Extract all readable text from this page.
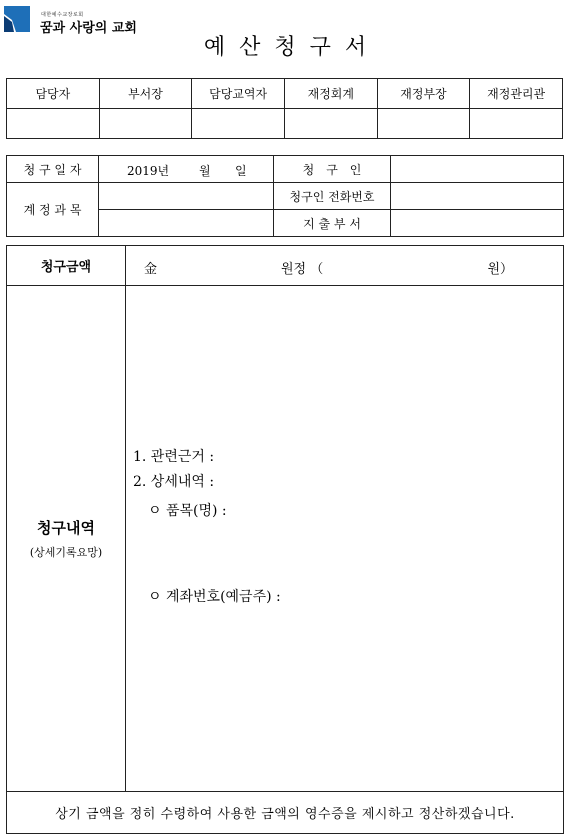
대한예수교장로회
꿈과 사랑의 교회
예산청구서
담당자	부서장	담당교역자	재정회계	재정부장	재정관리관

청 구 일 자	2019년 월 일	청　구　인	
계 정 과 목		청구인 전화번호	
		지 출 부 서	
청구금액	金 원정 （ 원）

청구내역
(상세기록요망)	1. 관련근거 :
2. 상세내역 :
ㅇ 품목(명) :
ㅇ 계좌번호(예금주) :

상기 금액을 정히 수령하여 사용한 금액의 영수증을 제시하고 정산하겠습니다.	
